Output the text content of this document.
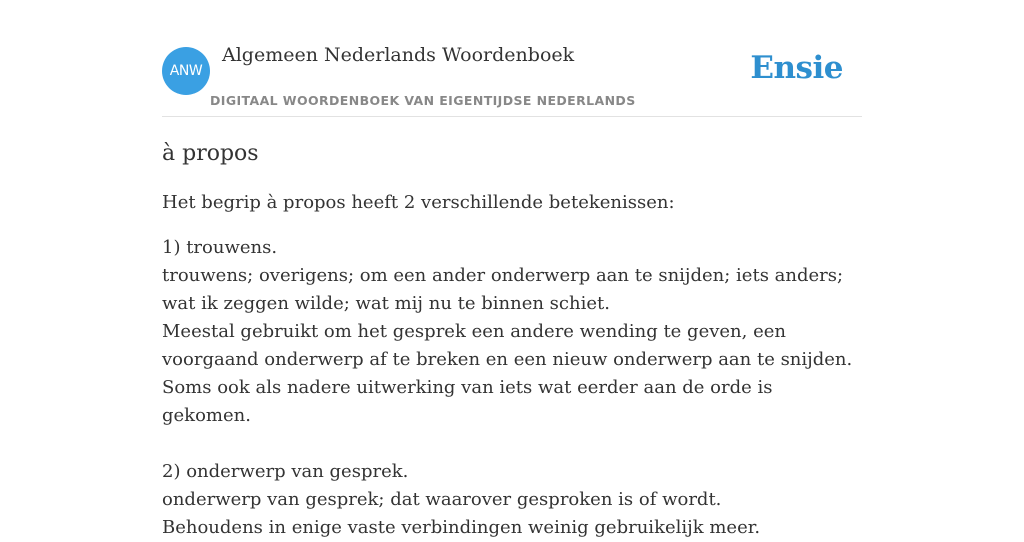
ANW
Algemeen Nederlands Woordenboek
DIGITAAL WOORDENBOEK VAN EIGENTIJDSE NEDERLANDS
Ensie
à propos

Het begrip à propos heeft 2 verschillende betekenissen:

1) trouwens.
trouwens; overigens; om een ander onderwerp aan te snijden; iets anders; wat ik zeggen wilde; wat mij nu te binnen schiet.
Meestal gebruikt om het gesprek een andere wending te geven, een voorgaand onderwerp af te breken en een nieuw onderwerp aan te snijden. Soms ook als nadere uitwerking van iets wat eerder aan de orde is gekomen.
2) onderwerp van gesprek.
onderwerp van gesprek; dat waarover gesproken is of wordt.
Behoudens in enige vaste verbindingen weinig gebruikelijk meer.
